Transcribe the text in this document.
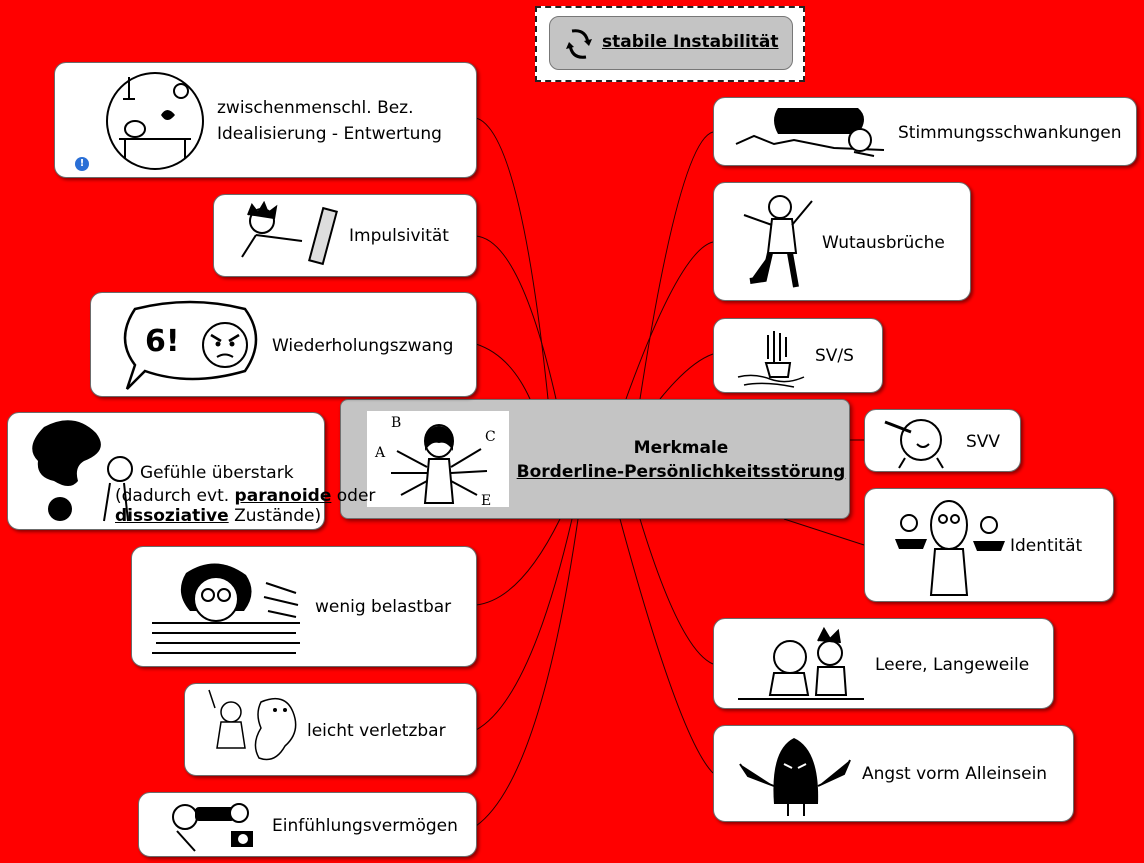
stabile Instabilität
B
A
C
E
Merkmale
Borderline-Persönlichkeitsstörung
!
zwischenmenschl. Bez.
Idealisierung - Entwertung
Impulsivität
6!	Wiederholungszwang
Gefühle überstark
(dadurch evt. paranoide oder
dissoziative Zustände)
wenig belastbar
leicht verletzbar
Einfühlungsvermögen
Stimmungsschwankungen
Wutausbrüche
SV/S
SVV
Identität
Leere, Langeweile
Angst vorm Alleinsein
